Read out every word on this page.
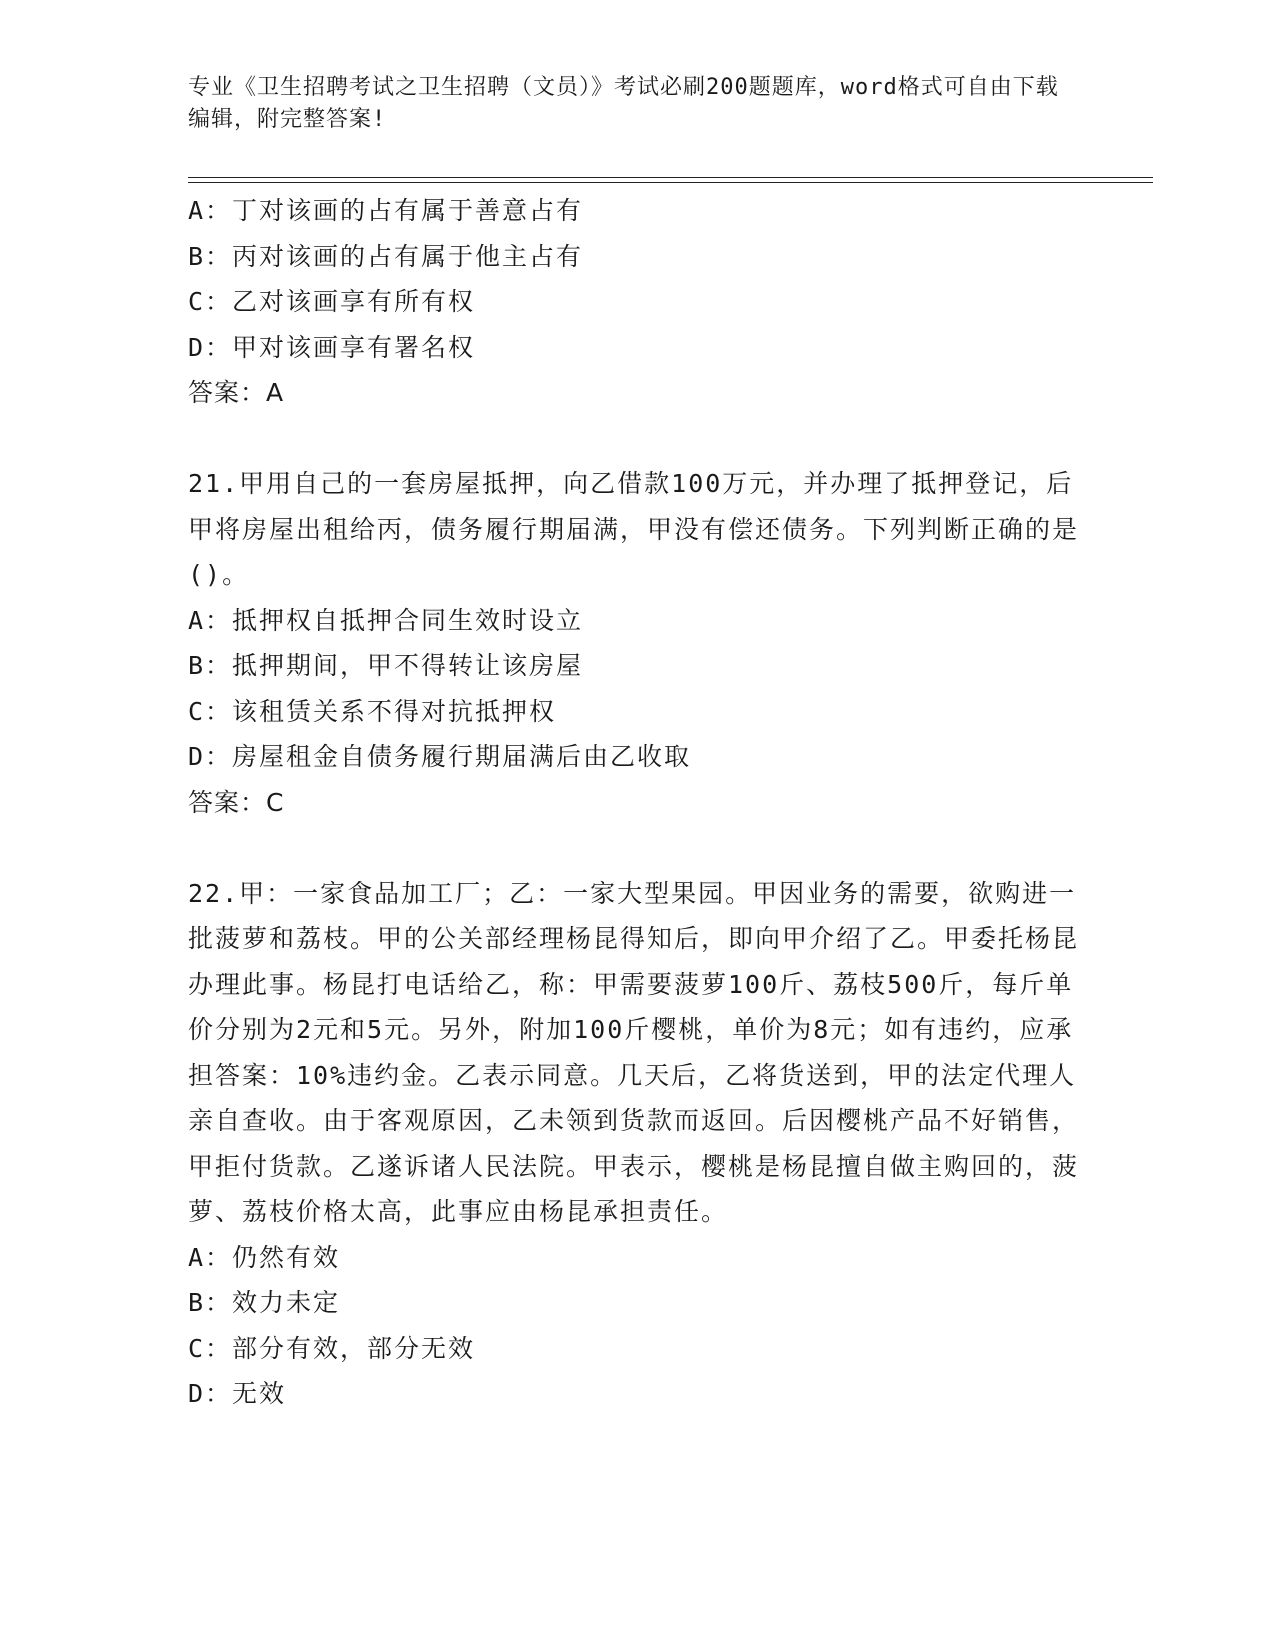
专业《卫生招聘考试之卫生招聘（文员）》考试必刷200题题库，word格式可自由下载编辑，附完整答案!
A：丁对该画的占有属于善意占有
B：丙对该画的占有属于他主占有
C：乙对该画享有所有权
D：甲对该画享有署名权
答案：A
21.甲用自己的一套房屋抵押，向乙借款100万元，并办理了抵押登记，后甲将房屋出租给丙，债务履行期届满，甲没有偿还债务。下列判断正确的是()。
A：抵押权自抵押合同生效时设立
B：抵押期间，甲不得转让该房屋
C：该租赁关系不得对抗抵押权
D：房屋租金自债务履行期届满后由乙收取
答案：C
22.甲：一家食品加工厂；乙：一家大型果园。甲因业务的需要，欲购进一批菠萝和荔枝。甲的公关部经理杨昆得知后，即向甲介绍了乙。甲委托杨昆办理此事。杨昆打电话给乙，称：甲需要菠萝100斤、荔枝500斤，每斤单价分别为2元和5元。另外，附加100斤樱桃，单价为8元；如有违约，应承担答案：10%违约金。乙表示同意。几天后，乙将货送到，甲的法定代理人亲自查收。由于客观原因，乙未领到货款而返回。后因樱桃产品不好销售，甲拒付货款。乙遂诉诸人民法院。甲表示，樱桃是杨昆擅自做主购回的，菠萝、荔枝价格太高，此事应由杨昆承担责任。
A：仍然有效
B：效力未定
C：部分有效，部分无效
D：无效
